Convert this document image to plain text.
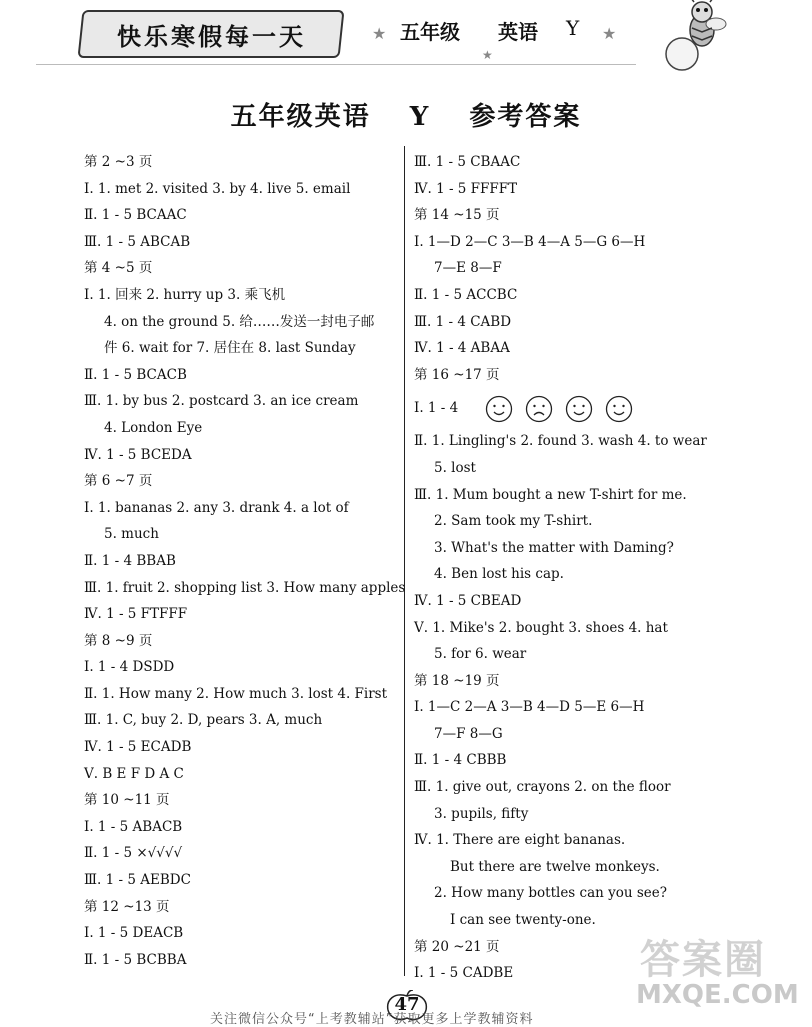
快乐寒假每一天	★ 五年级 英语 Y ★
★
五年级英语 Y 参考答案
第 2 ~3 页
Ⅰ. 1. met 2. visited 3. by 4. live 5. email
Ⅱ. 1 - 5 BCAAC
Ⅲ. 1 - 5 ABCAB
第 4 ~5 页
Ⅰ. 1. 回来 2. hurry up 3. 乘飞机
4. on the ground 5. 给……发送一封电子邮
件 6. wait for 7. 居住在 8. last Sunday
Ⅱ. 1 - 5 BCACB
Ⅲ. 1. by bus 2. postcard 3. an ice cream
4. London Eye
Ⅳ. 1 - 5 BCEDA
第 6 ~7 页
Ⅰ. 1. bananas 2. any 3. drank 4. a lot of
5. much
Ⅱ. 1 - 4 BBAB
Ⅲ. 1. fruit 2. shopping list 3. How many apples
Ⅳ. 1 - 5 FTFFF
第 8 ~9 页
Ⅰ. 1 - 4 DSDD
Ⅱ. 1. How many 2. How much 3. lost 4. First
Ⅲ. 1. C, buy 2. D, pears 3. A, much
Ⅳ. 1 - 5 ECADB
Ⅴ. B E F D A C
第 10 ~11 页
Ⅰ. 1 - 5 ABACB
Ⅱ. 1 - 5 ×√√√√
Ⅲ. 1 - 5 AEBDC
第 12 ~13 页
Ⅰ. 1 - 5 DEACB
Ⅱ. 1 - 5 BCBBA
Ⅲ. 1 - 5 CBAAC
Ⅳ. 1 - 5 FFFFT
第 14 ~15 页
Ⅰ. 1—D 2—C 3—B 4—A 5—G 6—H
7—E 8—F
Ⅱ. 1 - 5 ACCBC
Ⅲ. 1 - 4 CABD
Ⅳ. 1 - 4 ABAA
第 16 ~17 页
Ⅰ. 1 - 4
Ⅱ. 1. Lingling's 2. found 3. wash 4. to wear
5. lost
Ⅲ. 1. Mum bought a new T-shirt for me.
2. Sam took my T-shirt.
3. What's the matter with Daming?
4. Ben lost his cap.
Ⅳ. 1 - 5 CBEAD
Ⅴ. 1. Mike's 2. bought 3. shoes 4. hat
5. for 6. wear
第 18 ~19 页
Ⅰ. 1—C 2—A 3—B 4—D 5—E 6—H
7—F 8—G
Ⅱ. 1 - 4 CBBB
Ⅲ. 1. give out, crayons 2. on the floor
3. pupils, fifty
Ⅳ. 1. There are eight bananas.
But there are twelve monkeys.
2. How many bottles can you see?
I can see twenty-one.
第 20 ~21 页
Ⅰ. 1 - 5 CADBE
47
关注微信公众号“上考教辅站”获取更多上学教辅资料
答案圈
MXQE.COM
